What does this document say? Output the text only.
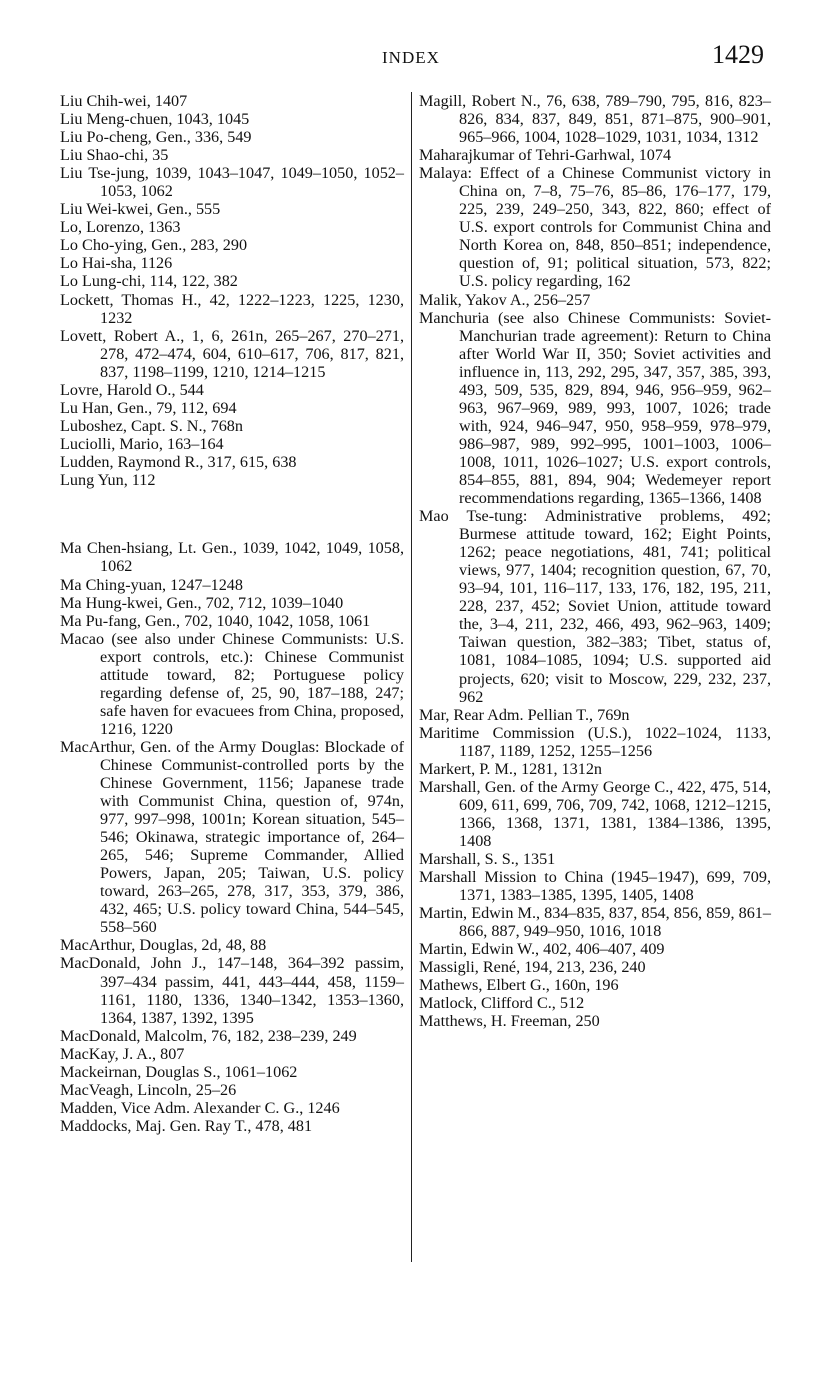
INDEX	1429

Liu Chih-wei, 1407

Liu Meng-chuen, 1043, 1045

Liu Po-cheng, Gen., 336, 549

Liu Shao-chi, 35

Liu Tse-jung, 1039, 1043–1047, 1049–1050, 1052–1053, 1062

Liu Wei-kwei, Gen., 555

Lo, Lorenzo, 1363

Lo Cho-ying, Gen., 283, 290

Lo Hai-sha, 1126

Lo Lung-chi, 114, 122, 382

Lockett, Thomas H., 42, 1222–1223, 1225, 1230, 1232

Lovett, Robert A., 1, 6, 261n, 265–267, 270–271, 278, 472–474, 604, 610–617, 706, 817, 821, 837, 1198–1199, 1210, 1214–1215

Lovre, Harold O., 544

Lu Han, Gen., 79, 112, 694

Luboshez, Capt. S. N., 768n

Luciolli, Mario, 163–164

Ludden, Raymond R., 317, 615, 638

Lung Yun, 112

Ma Chen-hsiang, Lt. Gen., 1039, 1042, 1049, 1058, 1062

Ma Ching-yuan, 1247–1248

Ma Hung-kwei, Gen., 702, 712, 1039–1040

Ma Pu-fang, Gen., 702, 1040, 1042, 1058, 1061

Macao (see also under Chinese Communists: U.S. export controls, etc.): Chinese Communist attitude toward, 82; Portuguese policy regarding defense of, 25, 90, 187–188, 247; safe haven for evacuees from China, proposed, 1216, 1220

MacArthur, Gen. of the Army Douglas: Blockade of Chinese Communist-controlled ports by the Chinese Government, 1156; Japanese trade with Communist China, question of, 974n, 977, 997–998, 1001n; Korean situation, 545–546; Okinawa, strategic importance of, 264–265, 546; Supreme Commander, Allied Powers, Japan, 205; Taiwan, U.S. policy toward, 263–265, 278, 317, 353, 379, 386, 432, 465; U.S. policy toward China, 544–545, 558–560

MacArthur, Douglas, 2d, 48, 88

MacDonald, John J., 147–148, 364–392 passim, 397–434 passim, 441, 443–444, 458, 1159–1161, 1180, 1336, 1340–1342, 1353–1360, 1364, 1387, 1392, 1395

MacDonald, Malcolm, 76, 182, 238–239, 249

MacKay, J. A., 807

Mackeirnan, Douglas S., 1061–1062

MacVeagh, Lincoln, 25–26

Madden, Vice Adm. Alexander C. G., 1246

Maddocks, Maj. Gen. Ray T., 478, 481

Magill, Robert N., 76, 638, 789–790, 795, 816, 823–826, 834, 837, 849, 851, 871–875, 900–901, 965–966, 1004, 1028–1029, 1031, 1034, 1312

Maharajkumar of Tehri-Garhwal, 1074

Malaya: Effect of a Chinese Communist victory in China on, 7–8, 75–76, 85–86, 176–177, 179, 225, 239, 249–250, 343, 822, 860; effect of U.S. export controls for Communist China and North Korea on, 848, 850–851; independence, question of, 91; political situation, 573, 822; U.S. policy regarding, 162

Malik, Yakov A., 256–257

Manchuria (see also Chinese Communists: Soviet-Manchurian trade agreement): Return to China after World War II, 350; Soviet activities and influence in, 113, 292, 295, 347, 357, 385, 393, 493, 509, 535, 829, 894, 946, 956–959, 962–963, 967–969, 989, 993, 1007, 1026; trade with, 924, 946–947, 950, 958–959, 978–979, 986–987, 989, 992–995, 1001–1003, 1006–1008, 1011, 1026–1027; U.S. export controls, 854–855, 881, 894, 904; Wedemeyer report recommendations regarding, 1365–1366, 1408

Mao Tse-tung: Administrative problems, 492; Burmese attitude toward, 162; Eight Points, 1262; peace negotiations, 481, 741; political views, 977, 1404; recognition question, 67, 70, 93–94, 101, 116–117, 133, 176, 182, 195, 211, 228, 237, 452; Soviet Union, attitude toward the, 3–4, 211, 232, 466, 493, 962–963, 1409; Taiwan question, 382–383; Tibet, status of, 1081, 1084–1085, 1094; U.S. supported aid projects, 620; visit to Moscow, 229, 232, 237, 962

Mar, Rear Adm. Pellian T., 769n

Maritime Commission (U.S.), 1022–1024, 1133, 1187, 1189, 1252, 1255–1256

Markert, P. M., 1281, 1312n

Marshall, Gen. of the Army George C., 422, 475, 514, 609, 611, 699, 706, 709, 742, 1068, 1212–1215, 1366, 1368, 1371, 1381, 1384–1386, 1395, 1408

Marshall, S. S., 1351

Marshall Mission to China (1945–1947), 699, 709, 1371, 1383–1385, 1395, 1405, 1408

Martin, Edwin M., 834–835, 837, 854, 856, 859, 861–866, 887, 949–950, 1016, 1018

Martin, Edwin W., 402, 406–407, 409

Massigli, René, 194, 213, 236, 240

Mathews, Elbert G., 160n, 196

Matlock, Clifford C., 512

Matthews, H. Freeman, 250
